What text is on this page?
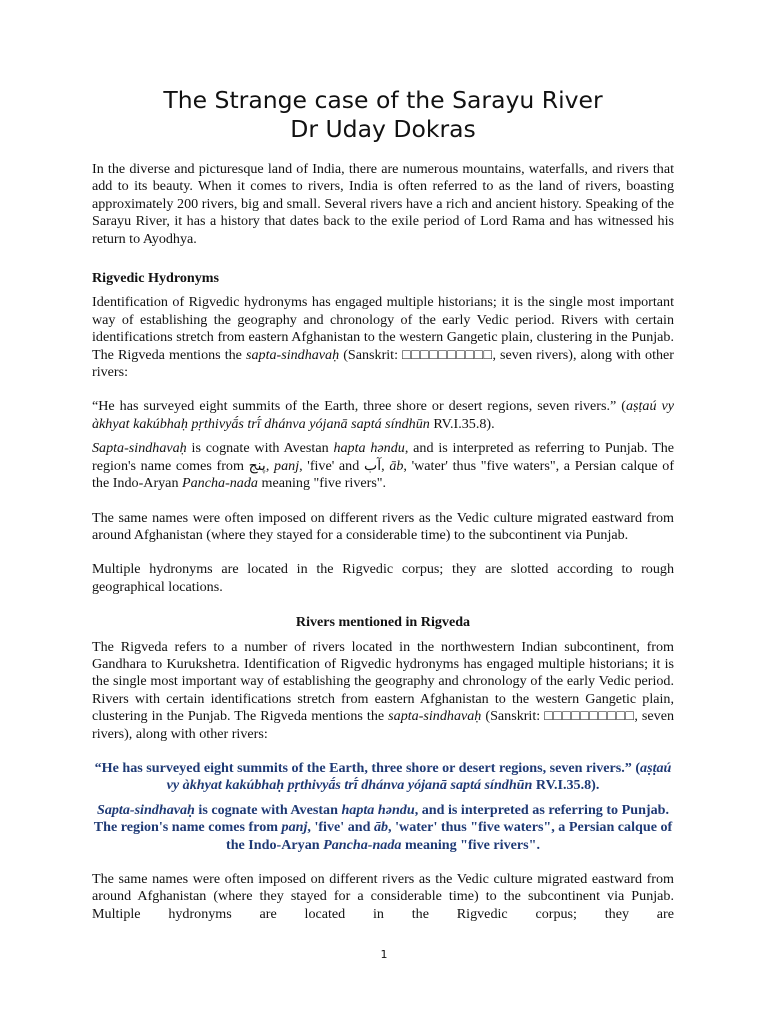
The Strange case of the Sarayu River
Dr Uday Dokras

In the diverse and picturesque land of India, there are numerous mountains, waterfalls, and rivers that add to its beauty. When it comes to rivers, India is often referred to as the land of rivers, boasting approximately 200 rivers, big and small. Several rivers have a rich and ancient history. Speaking of the Sarayu River, it has a history that dates back to the exile period of Lord Rama and has witnessed his return to Ayodhya.

Rigvedic Hydronyms

Identification of Rigvedic hydronyms has engaged multiple historians; it is the single most important way of establishing the geography and chronology of the early Vedic period. Rivers with certain identifications stretch from eastern Afghanistan to the western Gangetic plain, clustering in the Punjab. The Rigveda mentions the sapta-sindhavaḥ (Sanskrit: □□□□□□□□□□, seven rivers), along with other rivers:

“He has surveyed eight summits of the Earth, three shore or desert regions, seven rivers.” (aṣṭaú vy àkhyat kakúbhaḥ pṛthivyā́s trī́ dhánva yójanā saptá síndhūn RV.I.35.8).

Sapta-sindhavaḥ is cognate with Avestan hapta həndu, and is interpreted as referring to Punjab. The region's name comes from پنج, panj, 'five' and آب, āb, 'water' thus "five waters", a Persian calque of the Indo-Aryan Pancha-nada meaning "five rivers".

The same names were often imposed on different rivers as the Vedic culture migrated eastward from around Afghanistan (where they stayed for a considerable time) to the subcontinent via Punjab.

Multiple hydronyms are located in the Rigvedic corpus; they are slotted according to rough geographical locations.

Rivers mentioned in Rigveda

The Rigveda refers to a number of rivers located in the northwestern Indian subcontinent, from Gandhara to Kurukshetra. Identification of Rigvedic hydronyms has engaged multiple historians; it is the single most important way of establishing the geography and chronology of the early Vedic period. Rivers with certain identifications stretch from eastern Afghanistan to the western Gangetic plain, clustering in the Punjab. The Rigveda mentions the sapta-sindhavaḥ (Sanskrit: □□□□□□□□□□, seven rivers), along with other rivers:

“He has surveyed eight summits of the Earth, three shore or desert regions, seven rivers.” (aṣṭaú vy àkhyat kakúbhaḥ pṛthivyā́s trī́ dhánva yójanā saptá síndhūn RV.I.35.8).

Sapta-sindhavaḥ is cognate with Avestan hapta həndu, and is interpreted as referring to Punjab. The region's name comes from panj, 'five' and āb, 'water' thus "five waters", a Persian calque of the Indo-Aryan Pancha-nada meaning "five rivers".

The same names were often imposed on different rivers as the Vedic culture migrated eastward from around Afghanistan (where they stayed for a considerable time) to the subcontinent via Punjab. Multiple hydronyms are located in the Rigvedic corpus; they are

1
